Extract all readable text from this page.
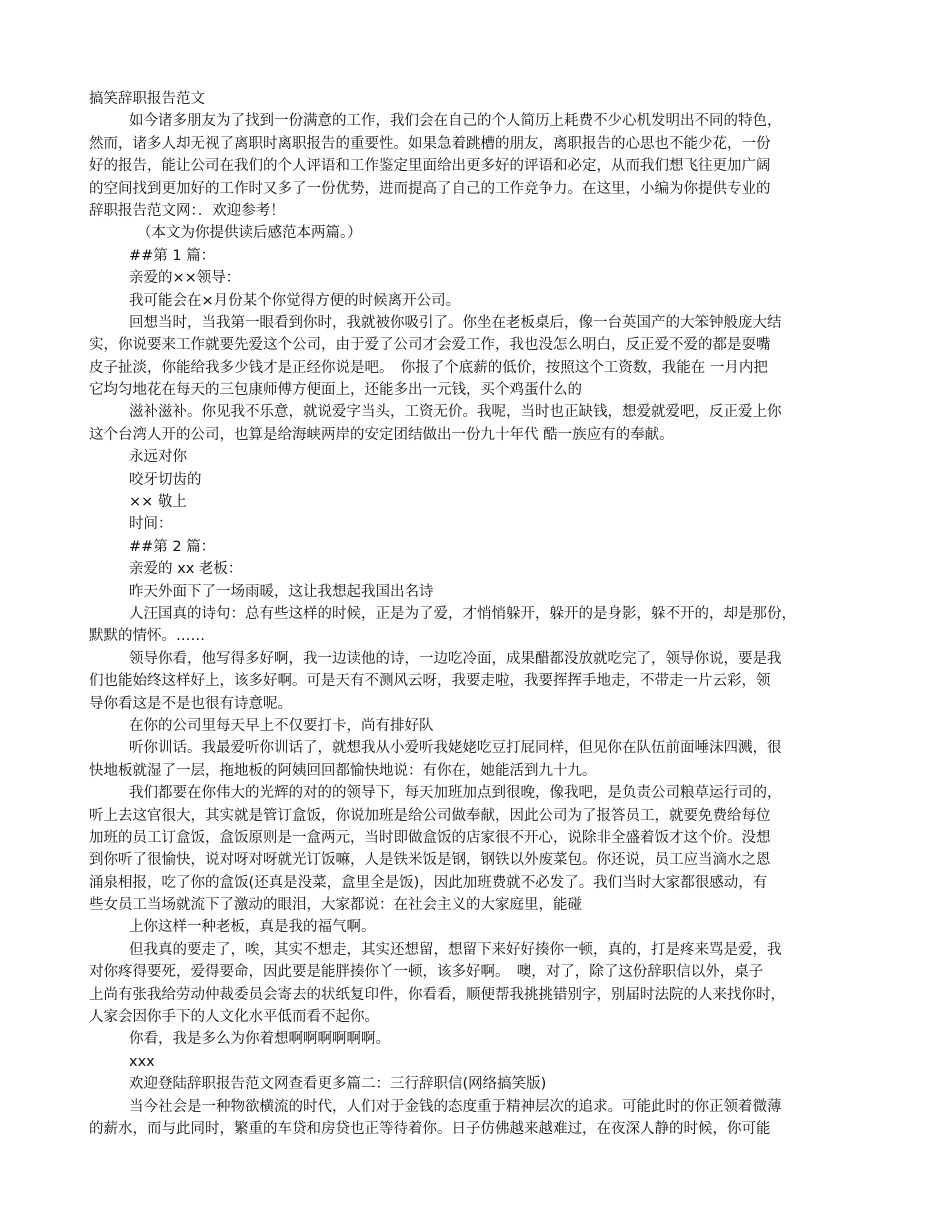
搞笑辞职报告范文
如今诸多朋友为了找到一份满意的工作，我们会在自己的个人简历上耗费不少心机发明出不同的特色，
然而，诸多人却无视了离职时离职报告的重要性。如果急着跳槽的朋友，离职报告的心思也不能少花，一份
好的报告，能让公司在我们的个人评语和工作鉴定里面给出更多好的评语和必定，从而我们想飞往更加广阔
的空间找到更加好的工作时又多了一份优势，进而提高了自己的工作竞争力。在这里，小编为你提供专业的
辞职报告范文网：．欢迎参考！
（本文为你提供读后感范本两篇。）
##第 1 篇：
亲爱的××领导：
我可能会在×月份某个你觉得方便的时候离开公司。
回想当时，当我第一眼看到你时，我就被你吸引了。你坐在老板桌后，像一台英国产的大笨钟般庞大结
实，你说要来工作就要先爱这个公司，由于爱了公司才会爱工作，我也没怎么明白，反正爱不爱的都是耍嘴
皮子扯淡，你能给我多少钱才是正经你说是吧。　你报了个底薪的低价，按照这个工资数，我能在 一月内把
它均匀地花在每天的三包康师傅方便面上，还能多出一元钱，买个鸡蛋什么的
滋补滋补。你见我不乐意，就说爱字当头，工资无价。我呢，当时也正缺钱，想爱就爱吧，反正爱上你
这个台湾人开的公司，也算是给海峡两岸的安定团结做出一份九十年代 酷一族应有的奉献。
永远对你
咬牙切齿的
×× 敬上
时间：
##第 2 篇：
亲爱的 xx 老板：
昨天外面下了一场雨暖，这让我想起我国出名诗
人汪国真的诗句：总有些这样的时候，正是为了爱，才悄悄躲开，躲开的是身影，躲不开的，却是那份，
默默的情怀。……
领导你看，他写得多好啊，我一边读他的诗，一边吃冷面，成果醋都没放就吃完了，领导你说，要是我
们也能始终这样好上，该多好啊。可是天有不测风云呀，我要走啦，我要挥挥手地走，不带走一片云彩，领
导你看这是不是也很有诗意呢。
在你的公司里每天早上不仅要打卡，尚有排好队
听你训话。我最爱听你训话了，就想我从小爱听我姥姥吃豆打屁同样，但见你在队伍前面唾沫四溅，很
快地板就湿了一层，拖地板的阿姨回回都愉快地说：有你在，她能活到九十九。
我们都要在你伟大的光辉的对的的领导下，每天加班加点到很晚，像我吧，是负责公司粮草运行司的，
听上去这官很大，其实就是管订盒饭，你说加班是给公司做奉献，因此公司为了报答员工，就要免费给每位
加班的员工订盒饭，盒饭原则是一盒两元，当时即做盒饭的店家很不开心，说除非全盛着饭才这个价。没想
到你听了很愉快，说对呀对呀就光订饭嘛，人是铁米饭是钢，钢铁以外废菜包。你还说，员工应当滴水之恩
涌泉相报，吃了你的盒饭(还真是没菜，盒里全是饭)，因此加班费就不必发了。我们当时大家都很感动，有
些女员工当场就流下了激动的眼泪，大家都说：在社会主义的大家庭里，能碰
上你这样一种老板，真是我的福气啊。
但我真的要走了，唉，其实不想走，其实还想留，想留下来好好揍你一顿，真的，打是疼来骂是爱，我
对你疼得要死，爱得要命，因此要是能胖揍你丫一顿，该多好啊。　噢，对了，除了这份辞职信以外，桌子
上尚有张我给劳动仲裁委员会寄去的状纸复印件，你看看，顺便帮我挑挑错别字，别届时法院的人来找你时，
人家会因你手下的人文化水平低而看不起你。
你看，我是多么为你着想啊啊啊啊啊啊。
xxx
欢迎登陆辞职报告范文网查看更多篇二：三行辞职信(网络搞笑版)
当今社会是一种物欲横流的时代，人们对于金钱的态度重于精神层次的追求。可能此时的你正领着微薄
的薪水，而与此同时，繁重的车贷和房贷也正等待着你。日子仿佛越来越难过，在夜深人静的时候，你可能
